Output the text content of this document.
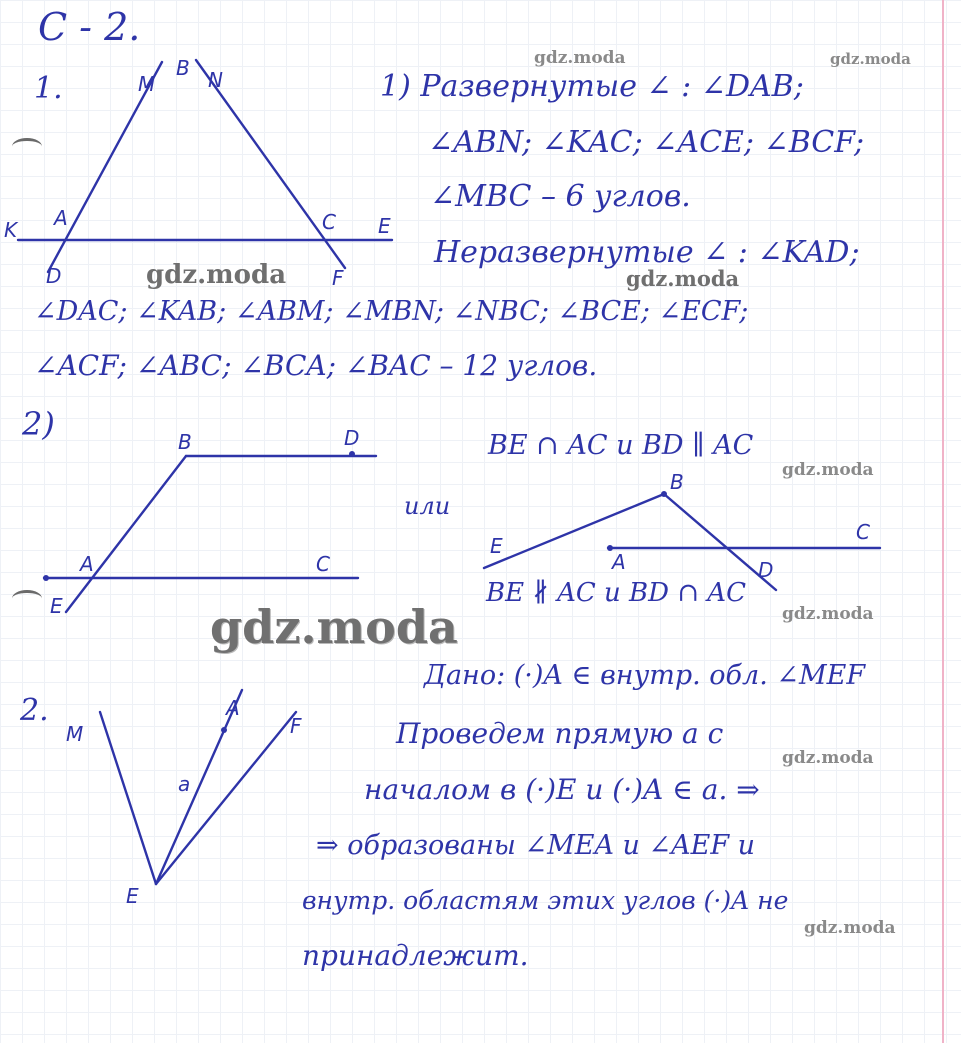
С - 2.
1.	M
B N
K A	C E
D	F
1) Развернутые ∠ : ∠DAB;
∠ABN; ∠KAC; ∠ACE; ∠BCF;
∠MBC – 6 углов.
Неразвернутые ∠ : ∠KAD;
∠DAC; ∠KAB; ∠ABM; ∠MBN; ∠NBC; ∠BCE; ∠ECF;
∠ACF; ∠ABC; ∠BCA; ∠BAC – 12 углов.
2)	B	D
A	C
E
BE ∩ AC и BD ∥ AC
или
B
C
E
A	D
BE ∦ AC и BD ∩ AC
2.
M
A
F
a
E
Дано: (·)A ∈ внутр. обл. ∠MEF
Проведем прямую a с
началом в (·)E и (·)A ∈ a. ⇒
⇒ образованы ∠MEA и ∠AEF и
внутр. областям этих углов (·)A не
принадлежит.
gdz.moda	gdz.moda
gdz.moda	gdz.moda
gdz.moda
gdz.moda
gdz.moda
gdz.moda
gdz.moda
